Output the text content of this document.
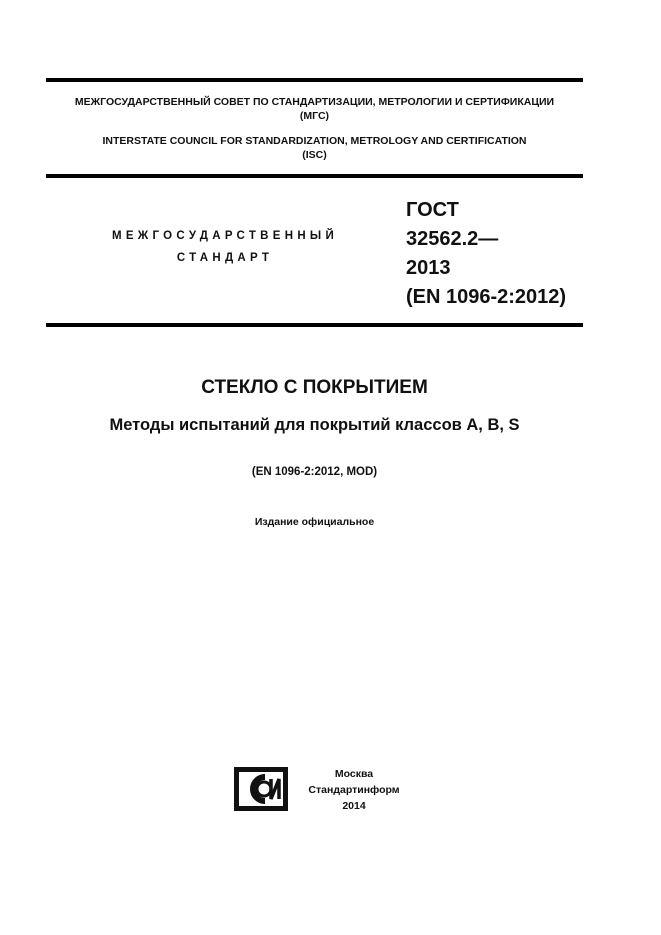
МЕЖГОСУДАРСТВЕННЫЙ СОВЕТ ПО СТАНДАРТИЗАЦИИ, МЕТРОЛОГИИ И СЕРТИФИКАЦИИ
(МГС)
INTERSTATE COUNCIL FOR STANDARDIZATION, METROLOGY AND CERTIFICATION
(ISC)
МЕЖГОСУДАРСТВЕННЫЙ
СТАНДАРТ
ГОСТ
32562.2—
2013
(EN 1096-2:2012)
СТЕКЛО С ПОКРЫТИЕМ
Методы испытаний для покрытий классов А, В, S
(EN 1096-2:2012, MOD)
Издание официальное
Москва
Стандартинформ
2014
